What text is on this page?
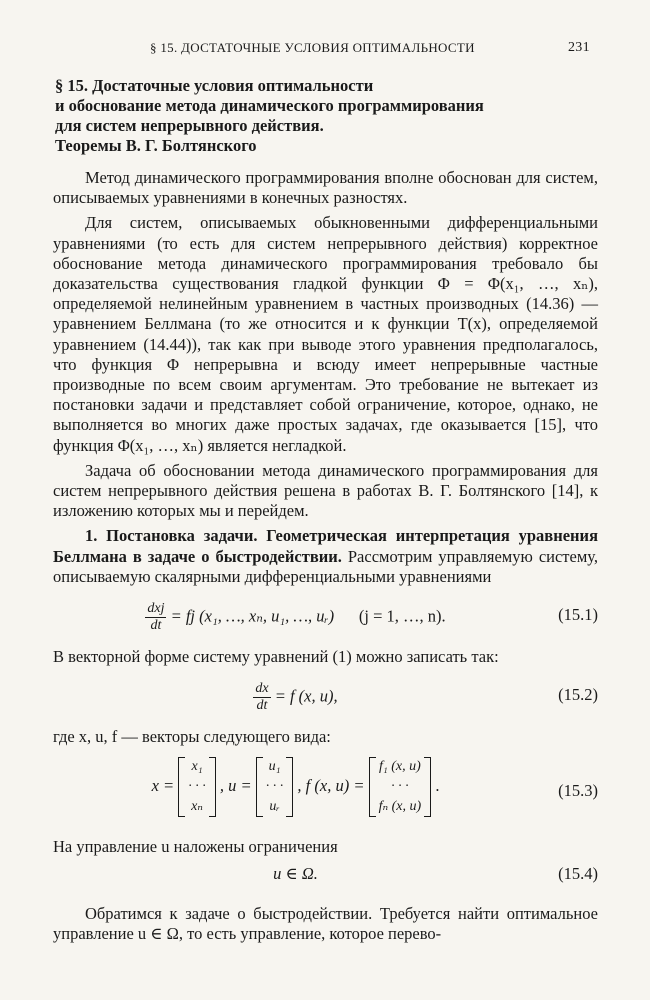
§ 15. ДОСТАТОЧНЫЕ УСЛОВИЯ ОПТИМАЛЬНОСТИ	231
§ 15. Достаточные условия оптимальности
и обоснование метода динамического программирования
для систем непрерывного действия.
Теоремы В. Г. Болтянского

Метод динамического программирования вполне обоснован для систем, описываемых уравнениями в конечных разностях.

Для систем, описываемых обыкновенными дифференциальными уравнениями (то есть для систем непрерывного действия) корректное обоснование метода динамического программирования требовало бы доказательства существования гладкой функции Φ = Φ(x₁, …, xₙ), определяемой нелинейным уравнением в частных производных (14.36) — уравнением Беллмана (то же относится и к функции T(x), определяемой уравнением (14.44)), так как при выводе этого уравнения предполагалось, что функция Φ непрерывна и всюду имеет непрерывные частные производные по всем своим аргументам. Это требование не вытекает из постановки задачи и представляет собой ограничение, которое, однако, не выполняется во многих даже простых задачах, где оказывается [15], что функция Φ(x₁, …, xₙ) является негладкой.

Задача об обосновании метода динамического программирования для систем непрерывного действия решена в работах В. Г. Болтянского [14], к изложению которых мы и перейдем.

1. Постановка задачи. Геометрическая интерпретация уравнения Беллмана в задаче о быстродействии. Рассмотрим управляемую систему, описываемую скалярными дифференциальными уравнениями

$\frac{\text{dxj}}{dt}$ = fj (x₁, …, xₙ, u₁, …, uᵣ) (j = 1, …, n).	(15.1)
В векторной форме систему уравнений (1) можно записать так:
$\frac{dx}{dt} = f$ (x, u),	(15.2)
где x, u, f — векторы следующего вида:
x =
x₁
· · ·
xₙ
, u =
u₁
· · ·
uᵣ
, f (x, u) =
f₁ (x, u)
· · ·
fₙ (x, u)
.	(15.3)
На управление u наложены ограничения
u ∈ Ω.	(15.4)

Обратимся к задаче о быстродействии. Требуется найти оптимальное управление u ∈ Ω, то есть управление, которое перево-
